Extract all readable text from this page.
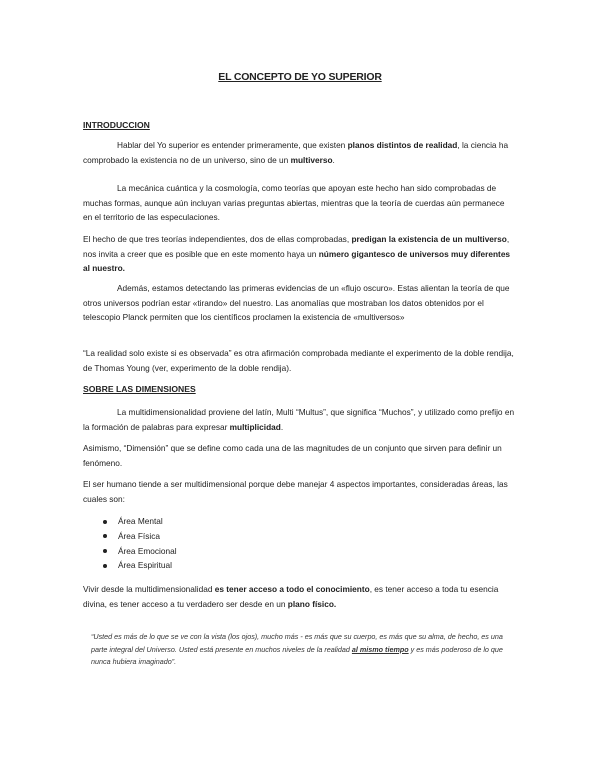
EL CONCEPTO DE YO SUPERIOR
INTRODUCCION
Hablar del Yo superior es entender primeramente, que existen planos distintos de realidad, la ciencia ha comprobado la existencia no de un universo, sino de un multiverso.
La mecánica cuántica y la cosmología, como teorías que apoyan este hecho han sido comprobadas de muchas formas, aunque aún incluyan varias preguntas abiertas, mientras que la teoría de cuerdas aún permanece en el territorio de las especulaciones.
El hecho de que tres teorías independientes, dos de ellas comprobadas, predigan la existencia de un multiverso, nos invita a creer que es posible que en este momento haya un número gigantesco de universos muy diferentes al nuestro.
Además, estamos detectando las primeras evidencias de un «flujo oscuro». Estas alientan la teoría de que otros universos podrían estar «tirando» del nuestro. Las anomalías que mostraban los datos obtenidos por el telescopio Planck permiten que los científicos proclamen la existencia de «multiversos»
“La realidad solo existe si es observada” es otra afirmación comprobada mediante el experimento de la doble rendija, de Thomas Young (ver, experimento de la doble rendija).
SOBRE LAS DIMENSIONES
La multidimensionalidad proviene del latín, Multi “Multus”, que significa “Muchos”, y utilizado como prefijo en la formación de palabras para expresar multiplicidad.
Asimismo, “Dimensión” que se define como cada una de las magnitudes de un conjunto que sirven para definir un fenómeno.
El ser humano tiende a ser multidimensional porque debe manejar 4 aspectos importantes, consideradas áreas, las cuales son:
Área Mental
Área Física
Área Emocional
Área Espiritual
Vivir desde la multidimensionalidad es tener acceso a todo el conocimiento, es tener acceso a toda tu esencia divina, es tener acceso a tu verdadero ser desde en un plano físico.
“Usted es más de lo que se ve con la vista (los ojos), mucho más - es más que su cuerpo, es más que su alma, de hecho, es una parte integral del Universo. Usted está presente en muchos niveles de la realidad al mismo tiempo y es más poderoso de lo que nunca hubiera imaginado”.
